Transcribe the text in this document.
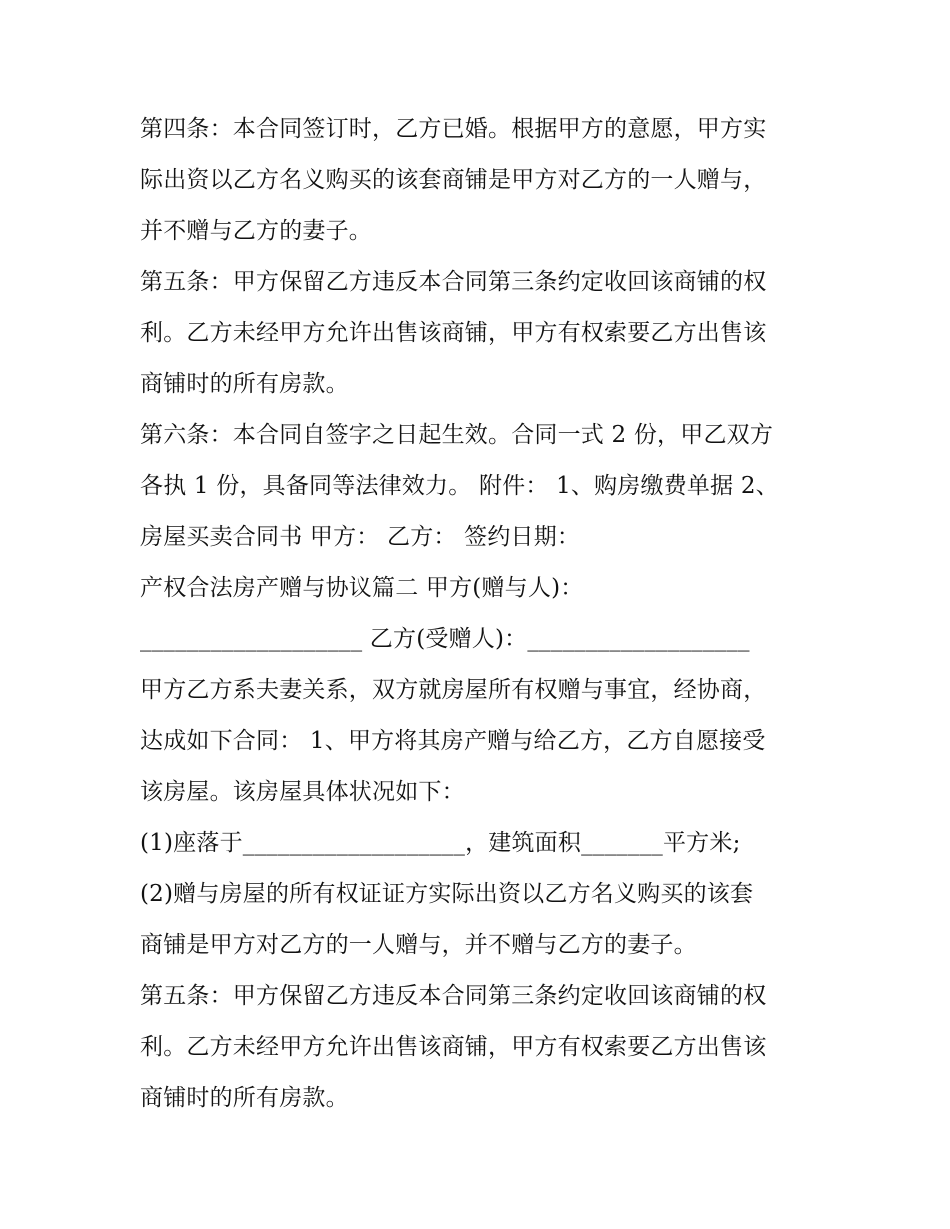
第四条：本合同签订时，乙方已婚。根据甲方的意愿，甲方实
际出资以乙方名义购买的该套商铺是甲方对乙方的一人赠与，
并不赠与乙方的妻子。

第五条：甲方保留乙方违反本合同第三条约定收回该商铺的权
利。乙方未经甲方允许出售该商铺，甲方有权索要乙方出售该
商铺时的所有房款。

第六条：本合同自签字之日起生效。合同一式 2 份，甲乙双方
各执 1 份，具备同等法律效力。 附件： 1、购房缴费单据 2、
房屋买卖合同书 甲方： 乙方： 签约日期：

产权合法房产赠与协议篇二 甲方(赠与人)：
___________________ 乙方(受赠人)：___________________

甲方乙方系夫妻关系，双方就房屋所有权赠与事宜，经协商，
达成如下合同： 1、甲方将其房产赠与给乙方，乙方自愿接受
该房屋。该房屋具体状况如下：

(1)座落于___________________，建筑面积_______平方米;

(2)赠与房屋的所有权证证方实际出资以乙方名义购买的该套
商铺是甲方对乙方的一人赠与，并不赠与乙方的妻子。

第五条：甲方保留乙方违反本合同第三条约定收回该商铺的权
利。乙方未经甲方允许出售该商铺，甲方有权索要乙方出售该
商铺时的所有房款。
